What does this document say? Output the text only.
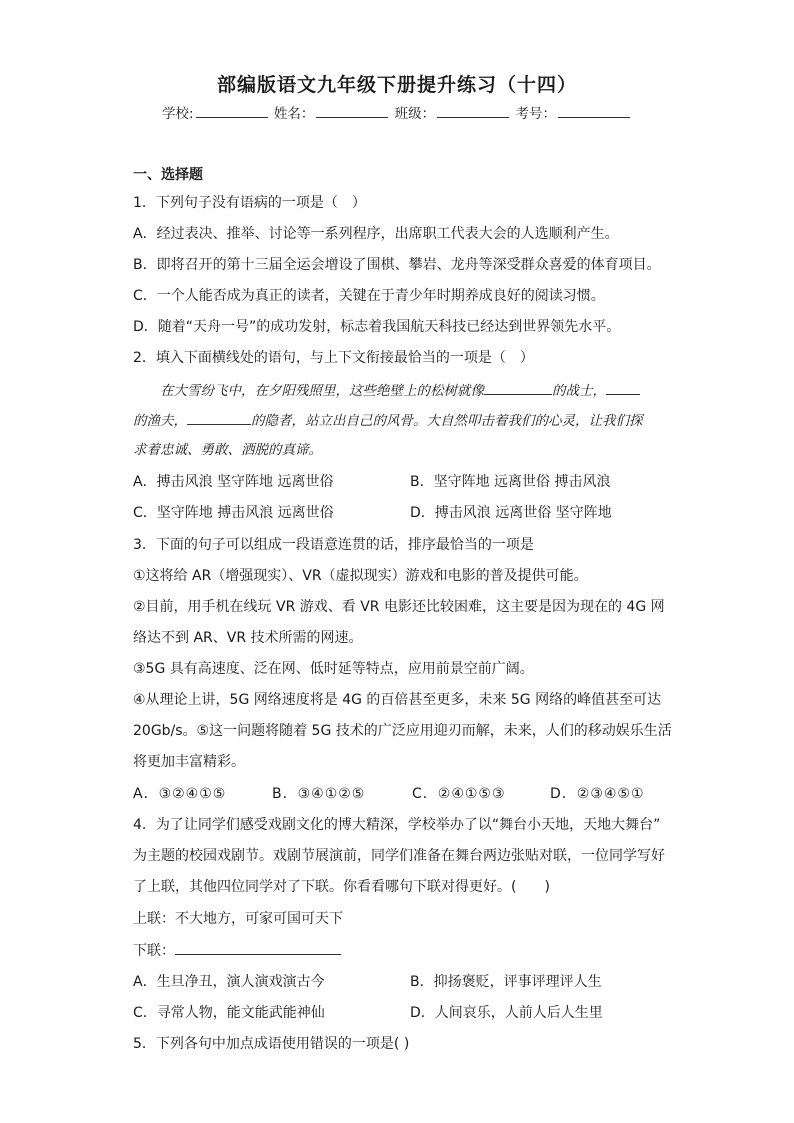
部编版语文九年级下册提升练习（十四）
学校:	姓名：	班级：	考号：
一、选择题
1．下列句子没有语病的一项是（　）
A．经过表决、推举、讨论等一系列程序，出席职工代表大会的人选顺利产生。
B．即将召开的第十三届全运会增设了围棋、攀岩、龙舟等深受群众喜爱的体育项目。
C．一个人能否成为真正的读者，关键在于青少年时期养成良好的阅读习惯。
D．随着“天舟一号”的成功发射，标志着我国航天科技已经达到世界领先水平。
2．填入下面横线处的语句，与上下文衔接最恰当的一项是（　）
在大雪纷飞中，在夕阳残照里，这些绝壁上的松树就像	的战士，
的渔夫，	的隐者，站立出自己的风骨。大自然叩击着我们的心灵，让我们探
求着忠诚、勇敢、洒脱的真谛。
A．搏击风浪 坚守阵地 远离世俗	B．坚守阵地 远离世俗 搏击风浪
C．坚守阵地 搏击风浪 远离世俗	D．搏击风浪 远离世俗 坚守阵地
3．下面的句子可以组成一段语意连贯的话，排序最恰当的一项是
①这将给 AR（增强现实）、VR（虚拟现实）游戏和电影的普及提供可能。
②目前，用手机在线玩 VR 游戏、看 VR 电影还比较困难，这主要是因为现在的 4G 网
络达不到 AR、VR 技术所需的网速。
③5G 具有高速度、泛在网、低时延等特点，应用前景空前广阔。
④从理论上讲，5G 网络速度将是 4G 的百倍甚至更多，未来 5G 网络的峰值甚至可达
20Gb/s。⑤这一问题将随着 5G 技术的广泛应用迎刃而解，未来，人们的移动娱乐生活
将更加丰富精彩。
A．③②④①⑤	B．③④①②⑤	C．②④①⑤③	D．②③④⑤①
4．为了让同学们感受戏剧文化的博大精深，学校举办了以“舞台小天地，天地大舞台”
为主题的校园戏剧节。戏剧节展演前，同学们准备在舞台两边张贴对联，一位同学写好
了上联，其他四位同学对了下联。你看看哪句下联对得更好。(　　)
上联：不大地方，可家可国可天下
下联：
A．生旦净丑，演人演戏演古今	B．抑扬褒贬，评事评理评人生
C．寻常人物，能文能武能神仙	D．人间哀乐，人前人后人生里
5．下列各句中加点成语使用错误的一项是( )
